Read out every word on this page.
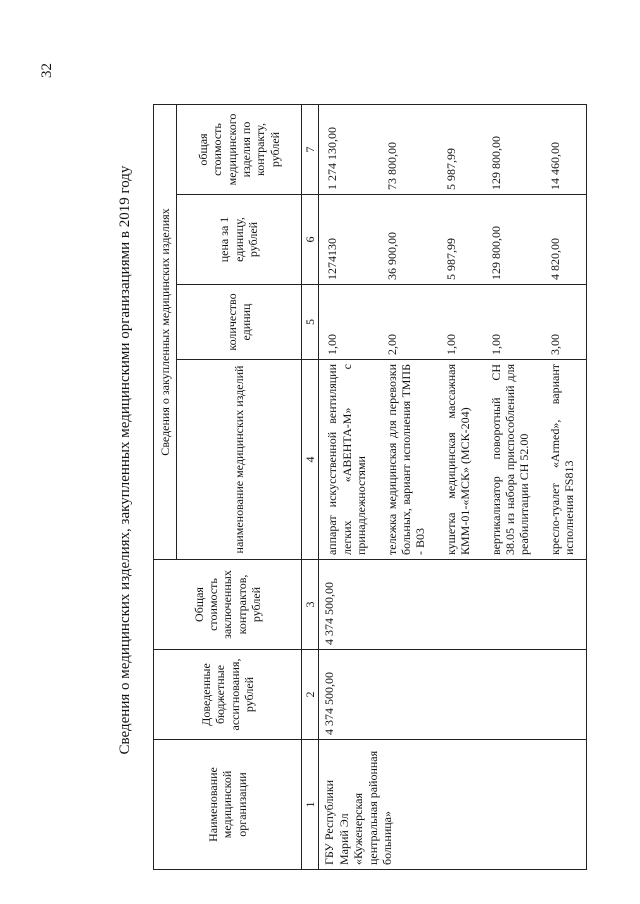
32
Сведения о медицинских изделиях, закупленных медицинскими организациями в 2019 году
Наименование медицинской организации	Доведенные бюджетные ассигнования, рублей	Общая стоимость заключенных контрактов, рублей	Сведения о закупленных медицинских изделиях			
			наименование медицинских изделий	количество единиц	цена за 1 единицу, рублей	общая стоимость медицинского изделия по контракту, рублей
1	2	3	4	5	6	7
ГБУ Республики Марий Эл «Куженерская центральная районная больница»	4 374 500,00	4 374 500,00	аппарат искусственной вентиляции легких «АВЕНТА-М» с принадлежностями	1,00	1274130	1 274 130,00
			тележка медицинская для перевозки больных, вариант исполнения ТМПБ - В03	2,00	36 900,00	73 800,00
			кушетка медицинская массажная КММ-01-«МСК» (МСК-204)	1,00	5 987,99	5 987,99
			вертикализатор поворотный СН 38.05 из набора приспособлений для реабилитации СН 52.00	1,00	129 800,00	129 800,00
			кресло-туалет «Armed», вариант исполнения FS813	3,00	4 820,00	14 460,00
